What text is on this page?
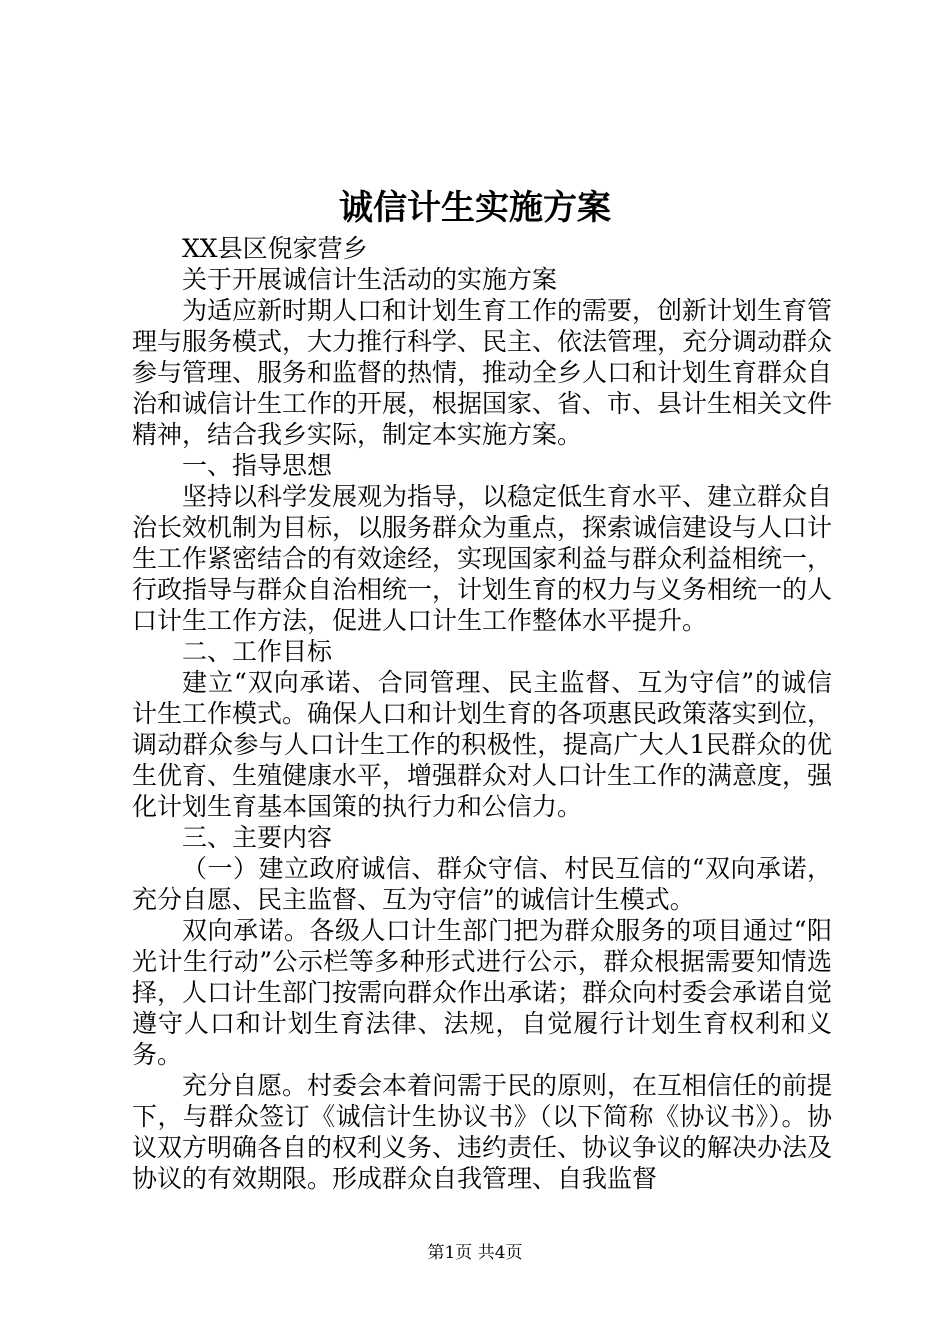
诚信计生实施方案

XX县区倪家营乡

关于开展诚信计生活动的实施方案

为适应新时期人口和计划生育工作的需要，创新计划生育管理与服务模式，大力推行科学、民主、依法管理，充分调动群众参与管理、服务和监督的热情，推动全乡人口和计划生育群众自治和诚信计生工作的开展，根据国家、省、市、县计生相关文件精神，结合我乡实际，制定本实施方案。

一、指导思想

坚持以科学发展观为指导，以稳定低生育水平、建立群众自治长效机制为目标，以服务群众为重点，探索诚信建设与人口计生工作紧密结合的有效途经，实现国家利益与群众利益相统一，行政指导与群众自治相统一，计划生育的权力与义务相统一的人口计生工作方法，促进人口计生工作整体水平提升。

二、工作目标

建立“双向承诺、合同管理、民主监督、互为守信”的诚信计生工作模式。确保人口和计划生育的各项惠民政策落实到位，调动群众参与人口计生工作的积极性，提高广大人1民群众的优生优育、生殖健康水平，增强群众对人口计生工作的满意度，强化计划生育基本国策的执行力和公信力。

三、主要内容

（一）建立政府诚信、群众守信、村民互信的“双向承诺，充分自愿、民主监督、互为守信”的诚信计生模式。

双向承诺。各级人口计生部门把为群众服务的项目通过“阳光计生行动”公示栏等多种形式进行公示，群众根据需要知情选择，人口计生部门按需向群众作出承诺；群众向村委会承诺自觉遵守人口和计划生育法律、法规，自觉履行计划生育权利和义务。

充分自愿。村委会本着问需于民的原则，在互相信任的前提下，与群众签订《诚信计生协议书》（以下简称《协议书》）。协议双方明确各自的权利义务、违约责任、协议争议的解决办法及协议的有效期限。形成群众自我管理、自我监督

第1页 共4页
